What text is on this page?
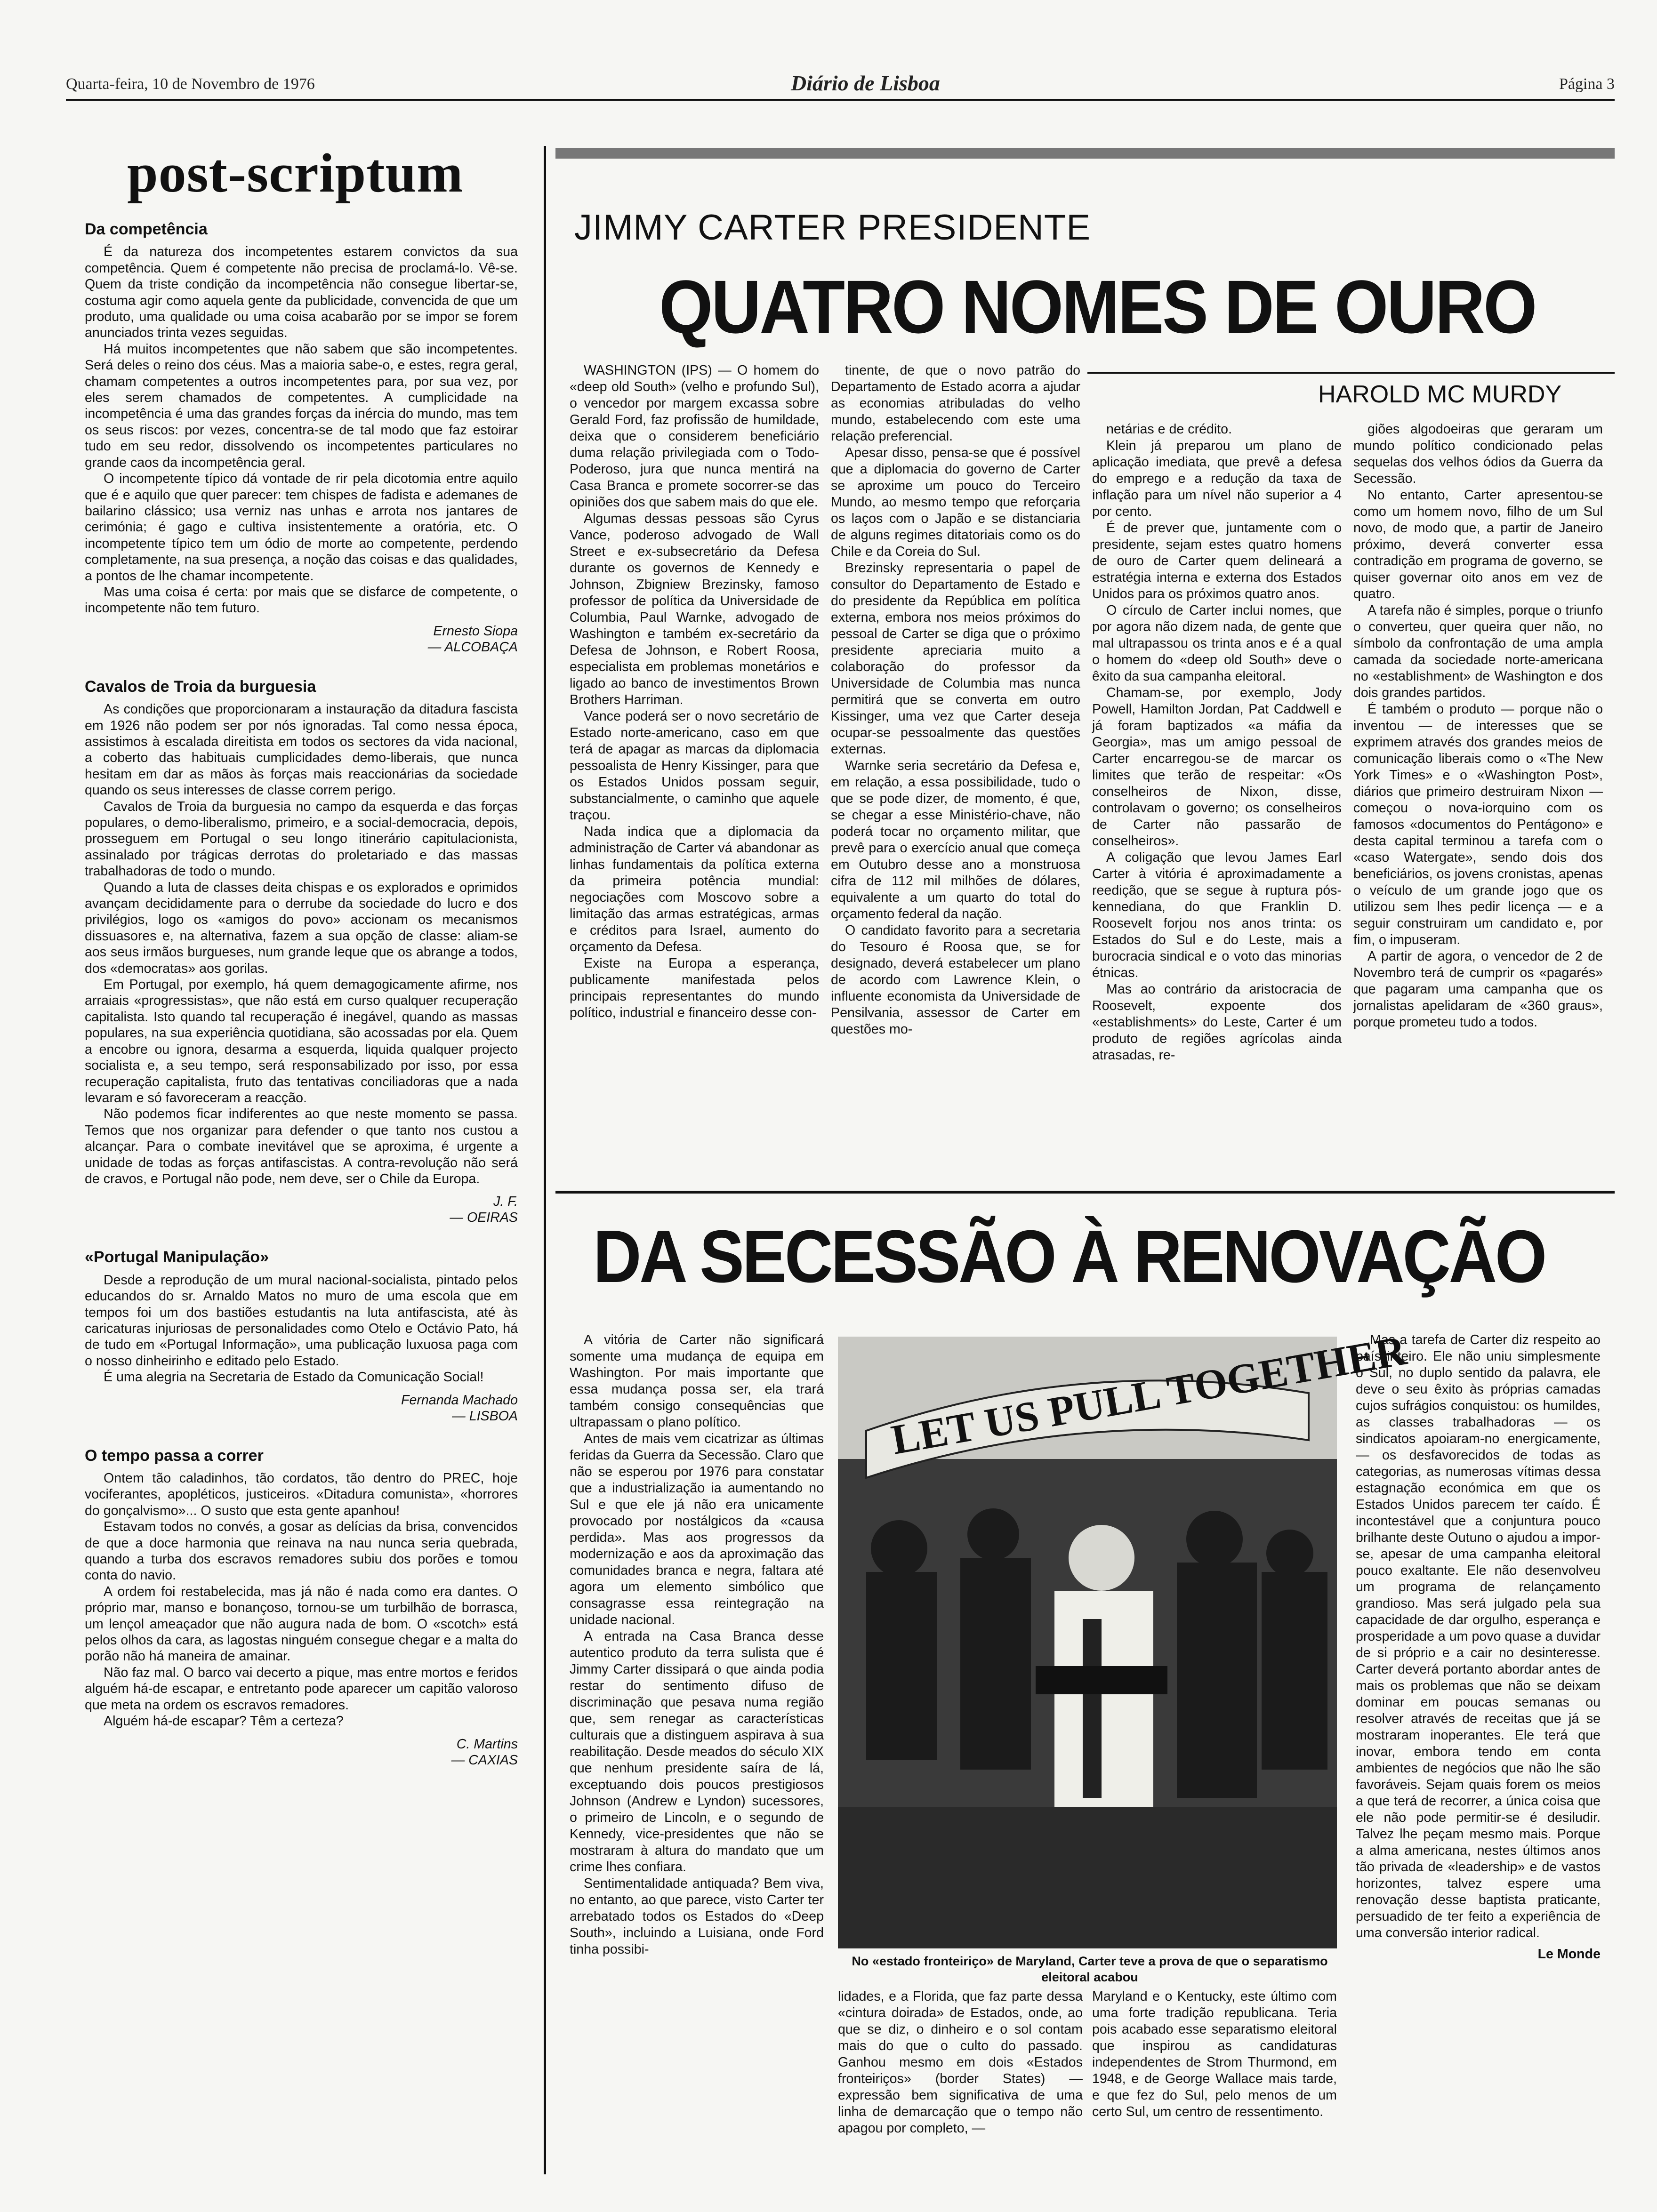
Quarta-feira, 10 de Novembro de 1976	Diário de Lisboa	Página 3
post-scriptum
Da competência

É da natureza dos incompetentes estarem convictos da sua competência. Quem é competente não precisa de proclamá-lo. Vê-se. Quem da triste condição da incompetência não consegue libertar-se, costuma agir como aquela gente da publicidade, convencida de que um produto, uma qualidade ou uma coisa acabarão por se impor se forem anunciados trinta vezes seguidas.

Há muitos incompetentes que não sabem que são incompetentes. Será deles o reino dos céus. Mas a maioria sabe-o, e estes, regra geral, chamam competentes a outros incompetentes para, por sua vez, por eles serem chamados de competentes. A cumplicidade na incompetência é uma das grandes forças da inércia do mundo, mas tem os seus riscos: por vezes, concentra-se de tal modo que faz estoirar tudo em seu redor, dissolvendo os incompetentes particulares no grande caos da incompetência geral.

O incompetente típico dá vontade de rir pela dicotomia entre aquilo que é e aquilo que quer parecer: tem chispes de fadista e ademanes de bailarino clássico; usa verniz nas unhas e arrota nos jantares de cerimónia; é gago e cultiva insistentemente a oratória, etc. O incompetente típico tem um ódio de morte ao competente, perdendo completamente, na sua presença, a noção das coisas e das qualidades, a pontos de lhe chamar incompetente.

Mas uma coisa é certa: por mais que se disfarce de competente, o incompetente não tem futuro.

Ernesto Siopa
— ALCOBAÇA
Cavalos de Troia da burguesia

As condições que proporcionaram a instauração da ditadura fascista em 1926 não podem ser por nós ignoradas. Tal como nessa época, assistimos à escalada direitista em todos os sectores da vida nacional, a coberto das habituais cumplicidades demo-liberais, que nunca hesitam em dar as mãos às forças mais reaccionárias da sociedade quando os seus interesses de classe correm perigo.

Cavalos de Troia da burguesia no campo da esquerda e das forças populares, o demo-liberalismo, primeiro, e a social-democracia, depois, prosseguem em Portugal o seu longo itinerário capitulacionista, assinalado por trágicas derrotas do proletariado e das massas trabalhadoras de todo o mundo.

Quando a luta de classes deita chispas e os explorados e oprimidos avançam decididamente para o derrube da sociedade do lucro e dos privilégios, logo os «amigos do povo» accionam os mecanismos dissuasores e, na alternativa, fazem a sua opção de classe: aliam-se aos seus irmãos burgueses, num grande leque que os abrange a todos, dos «democratas» aos gorilas.

Em Portugal, por exemplo, há quem demagogicamente afirme, nos arraiais «progressistas», que não está em curso qualquer recuperação capitalista. Isto quando tal recuperação é inegável, quando as massas populares, na sua experiência quotidiana, são acossadas por ela. Quem a encobre ou ignora, desarma a esquerda, liquida qualquer projecto socialista e, a seu tempo, será responsabilizado por isso, por essa recuperação capitalista, fruto das tentativas conciliadoras que a nada levaram e só favoreceram a reacção.

Não podemos ficar indiferentes ao que neste momento se passa. Temos que nos organizar para defender o que tanto nos custou a alcançar. Para o combate inevitável que se aproxima, é urgente a unidade de todas as forças antifascistas. A contra-revolução não será de cravos, e Portugal não pode, nem deve, ser o Chile da Europa.

J. F.
— OEIRAS
«Portugal Manipulação»

Desde a reprodução de um mural nacional-socialista, pintado pelos educandos do sr. Arnaldo Matos no muro de uma escola que em tempos foi um dos bastiões estudantis na luta antifascista, até às caricaturas injuriosas de personalidades como Otelo e Octávio Pato, há de tudo em «Portugal Informação», uma publicação luxuosa paga com o nosso dinheirinho e editado pelo Estado.

É uma alegria na Secretaria de Estado da Comunicação Social!

Fernanda Machado
— LISBOA
O tempo passa a correr

Ontem tão caladinhos, tão cordatos, tão dentro do PREC, hoje vociferantes, apopléticos, justiceiros. «Ditadura comunista», «horrores do gonçalvismo»... O susto que esta gente apanhou!

Estavam todos no convés, a gosar as delícias da brisa, convencidos de que a doce harmonia que reinava na nau nunca seria quebrada, quando a turba dos escravos remadores subiu dos porões e tomou conta do navio.

A ordem foi restabelecida, mas já não é nada como era dantes. O próprio mar, manso e bonançoso, tornou-se um turbilhão de borrasca, um lençol ameaçador que não augura nada de bom. O «scotch» está pelos olhos da cara, as lagostas ninguém consegue chegar e a malta do porão não há maneira de amainar.

Não faz mal. O barco vai decerto a pique, mas entre mortos e feridos alguém há-de escapar, e entretanto pode aparecer um capitão valoroso que meta na ordem os escravos remadores.

Alguém há-de escapar? Têm a certeza?

C. Martins
— CAXIAS
JIMMY CARTER PRESIDENTE
QUATRO NOMES DE OURO
HAROLD MC MURDY

WASHINGTON (IPS) — O homem do «deep old South» (velho e profundo Sul), o vencedor por margem excassa sobre Gerald Ford, faz profissão de humildade, deixa que o considerem beneficiário duma relação privilegiada com o Todo-Poderoso, jura que nunca mentirá na Casa Branca e promete socorrer-se das opiniões dos que sabem mais do que ele.

Algumas dessas pessoas são Cyrus Vance, poderoso advogado de Wall Street e ex-subsecretário da Defesa durante os governos de Kennedy e Johnson, Zbigniew Brezinsky, famoso professor de política da Universidade de Columbia, Paul Warnke, advogado de Washington e também ex-secretário da Defesa de Johnson, e Robert Roosa, especialista em problemas monetários e ligado ao banco de investimentos Brown Brothers Harriman.

Vance poderá ser o novo secretário de Estado norte-americano, caso em que terá de apagar as marcas da diplomacia pessoalista de Henry Kissinger, para que os Estados Unidos possam seguir, substancialmente, o caminho que aquele traçou.

Nada indica que a diplomacia da administração de Carter vá abandonar as linhas fundamentais da política externa da primeira potência mundial: negociações com Moscovo sobre a limitação das armas estratégicas, armas e créditos para Israel, aumento do orçamento da Defesa.

Existe na Europa a esperança, publicamente manifestada pelos principais representantes do mundo político, industrial e financeiro desse con-

tinente, de que o novo patrão do Departamento de Estado acorra a ajudar as economias atribuladas do velho mundo, estabelecendo com este uma relação preferencial.

Apesar disso, pensa-se que é possível que a diplomacia do governo de Carter se aproxime um pouco do Terceiro Mundo, ao mesmo tempo que reforçaria os laços com o Japão e se distanciaria de alguns regimes ditatoriais como os do Chile e da Coreia do Sul.

Brezinsky representaria o papel de consultor do Departamento de Estado e do presidente da República em política externa, embora nos meios próximos do pessoal de Carter se diga que o próximo presidente apreciaria muito a colaboração do professor da Universidade de Columbia mas nunca permitirá que se converta em outro Kissinger, uma vez que Carter deseja ocupar-se pessoalmente das questões externas.

Warnke seria secretário da Defesa e, em relação, a essa possibilidade, tudo o que se pode dizer, de momento, é que, se chegar a esse Ministério-chave, não poderá tocar no orçamento militar, que prevê para o exercício anual que começa em Outubro desse ano a monstruosa cifra de 112 mil milhões de dólares, equivalente a um quarto do total do orçamento federal da nação.

O candidato favorito para a secretaria do Tesouro é Roosa que, se for designado, deverá estabelecer um plano de acordo com Lawrence Klein, o influente economista da Universidade de Pensilvania, assessor de Carter em questões mo-

netárias e de crédito.

Klein já preparou um plano de aplicação imediata, que prevê a defesa do emprego e a redução da taxa de inflação para um nível não superior a 4 por cento.

É de prever que, juntamente com o presidente, sejam estes quatro homens de ouro de Carter quem delineará a estratégia interna e externa dos Estados Unidos para os próximos quatro anos.

O círculo de Carter inclui nomes, que por agora não dizem nada, de gente que mal ultrapassou os trinta anos e é a qual o homem do «deep old South» deve o êxito da sua campanha eleitoral.

Chamam-se, por exemplo, Jody Powell, Hamilton Jordan, Pat Caddwell e já foram baptizados «a máfia da Georgia», mas um amigo pessoal de Carter encarregou-se de marcar os limites que terão de respeitar: «Os conselheiros de Nixon, disse, controlavam o governo; os conselheiros de Carter não passarão de conselheiros».

A coligação que levou James Earl Carter à vitória é aproximadamente a reedição, que se segue à ruptura pós-kennediana, do que Franklin D. Roosevelt forjou nos anos trinta: os Estados do Sul e do Leste, mais a burocracia sindical e o voto das minorias étnicas.

Mas ao contrário da aristocracia de Roosevelt, expoente dos «establishments» do Leste, Carter é um produto de regiões agrícolas ainda atrasadas, re-

giões algodoeiras que geraram um mundo político condicionado pelas sequelas dos velhos ódios da Guerra da Secessão.

No entanto, Carter apresentou-se como um homem novo, filho de um Sul novo, de modo que, a partir de Janeiro próximo, deverá converter essa contradição em programa de governo, se quiser governar oito anos em vez de quatro.

A tarefa não é simples, porque o triunfo o converteu, quer queira quer não, no símbolo da confrontação de uma ampla camada da sociedade norte-americana no «establishment» de Washington e dos dois grandes partidos.

É também o produto — porque não o inventou — de interesses que se exprimem através dos grandes meios de comunicação liberais como o «The New York Times» e o «Washington Post», diários que primeiro destruiram Nixon — começou o nova-iorquino com os famosos «documentos do Pentágono» e desta capital terminou a tarefa com o «caso Watergate», sendo dois dos beneficiários, os jovens cronistas, apenas o veículo de um grande jogo que os utilizou sem lhes pedir licença — e a seguir construiram um candidato e, por fim, o impuseram.

A partir de agora, o vencedor de 2 de Novembro terá de cumprir os «pagarés» que pagaram uma campanha que os jornalistas apelidaram de «360 graus», porque prometeu tudo a todos.

DA SECESSÃO À RENOVAÇÃO

A vitória de Carter não significará somente uma mudança de equipa em Washington. Por mais importante que essa mudança possa ser, ela trará também consigo consequências que ultrapassam o plano político.

Antes de mais vem cicatrizar as últimas feridas da Guerra da Secessão. Claro que não se esperou por 1976 para constatar que a industrialização ia aumentando no Sul e que ele já não era unicamente provocado por nostálgicos da «causa perdida». Mas aos progressos da modernização e aos da aproximação das comunidades branca e negra, faltara até agora um elemento simbólico que consagrasse essa reintegração na unidade nacional.

A entrada na Casa Branca desse autentico produto da terra sulista que é Jimmy Carter dissipará o que ainda podia restar do sentimento difuso de discriminação que pesava numa região que, sem renegar as características culturais que a distinguem aspirava à sua reabilitação. Desde meados do século XIX que nenhum presidente saíra de lá, exceptuando dois poucos prestigiosos Johnson (Andrew e Lyndon) sucessores, o primeiro de Lincoln, e o segundo de Kennedy, vice-presidentes que não se mostraram à altura do mandato que um crime lhes confiara.

Sentimentalidade antiquada? Bem viva, no entanto, ao que parece, visto Carter ter arrebatado todos os Estados do «Deep South», incluindo a Luisiana, onde Ford tinha possibi-

LET US PULL TOGETHER
No «estado fronteiriço» de Maryland, Carter teve a prova de que o separatismo eleitoral acabou

lidades, e a Florida, que faz parte dessa «cintura doirada» de Estados, onde, ao que se diz, o dinheiro e o sol contam mais do que o culto do passado. Ganhou mesmo em dois «Estados fronteiriços» (border States) — expressão bem significativa de uma linha de demarcação que o tempo não apagou por completo, —

Maryland e o Kentucky, este último com uma forte tradição republicana. Teria pois acabado esse separatismo eleitoral que inspirou as candidaturas independentes de Strom Thurmond, em 1948, e de George Wallace mais tarde, e que fez do Sul, pelo menos de um certo Sul, um centro de ressentimento.

Mas a tarefa de Carter diz respeito ao país inteiro. Ele não uniu simplesmente o Sul, no duplo sentido da palavra, ele deve o seu êxito às próprias camadas cujos sufrágios conquistou: os humildes, as classes trabalhadoras — os sindicatos apoiaram-no energicamente, — os desfavorecidos de todas as categorias, as numerosas vítimas dessa estagnação económica em que os Estados Unidos parecem ter caído. É incontestável que a conjuntura pouco brilhante deste Outuno o ajudou a impor-se, apesar de uma campanha eleitoral pouco exaltante. Ele não desenvolveu um programa de relançamento grandioso. Mas será julgado pela sua capacidade de dar orgulho, esperança e prosperidade a um povo quase a duvidar de si próprio e a cair no desinteresse. Carter deverá portanto abordar antes de mais os problemas que não se deixam dominar em poucas semanas ou resolver através de receitas que já se mostraram inoperantes. Ele terá que inovar, embora tendo em conta ambientes de negócios que não lhe são favoráveis. Sejam quais forem os meios a que terá de recorrer, a única coisa que ele não pode permitir-se é desiludir. Talvez lhe peçam mesmo mais. Porque a alma americana, nestes últimos anos tão privada de «leadership» e de vastos horizontes, talvez espere uma renovação desse baptista praticante, persuadido de ter feito a experiência de uma conversão interior radical.

Le Monde
